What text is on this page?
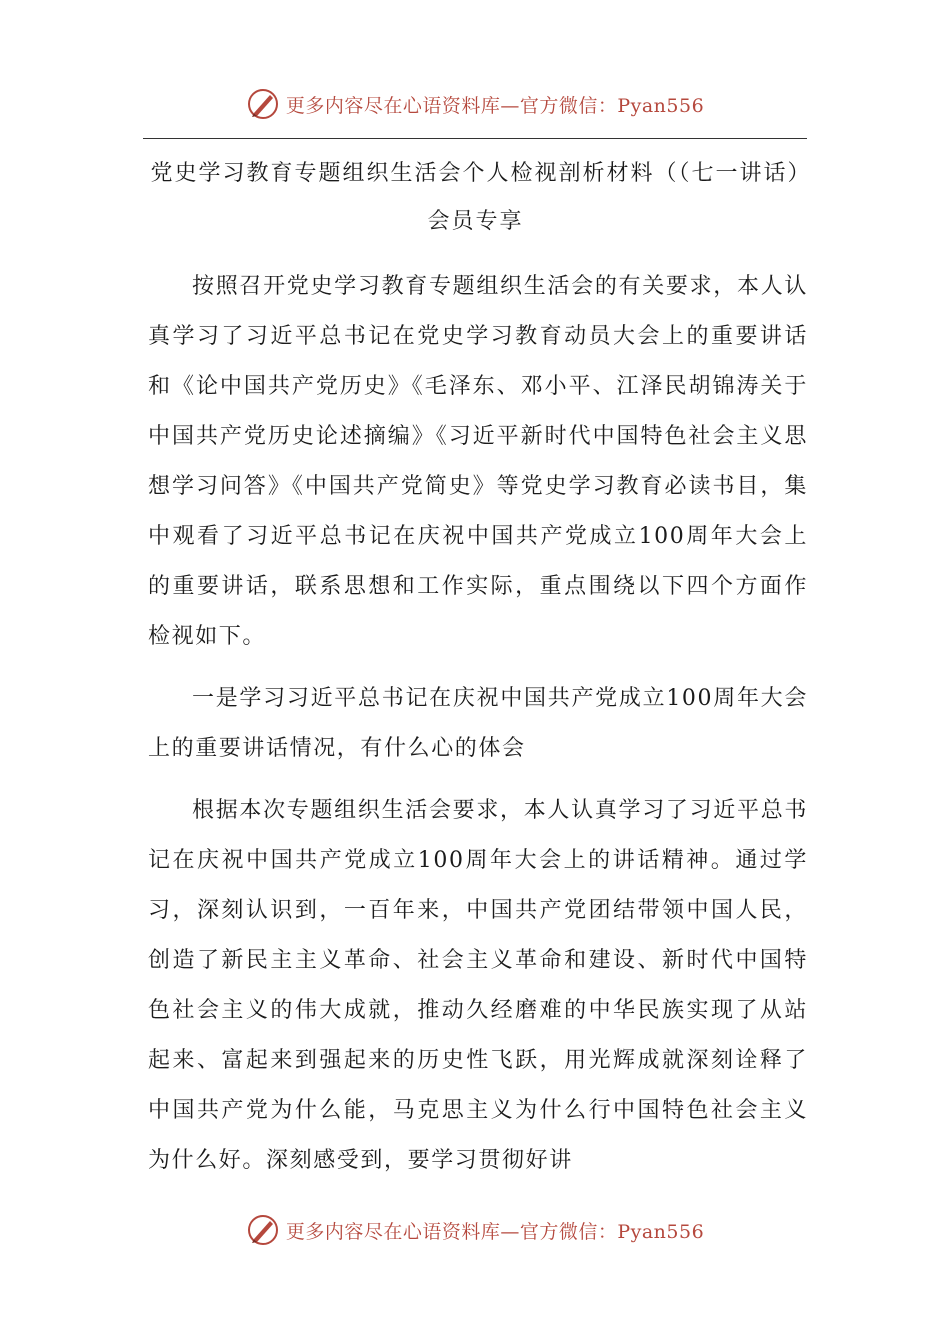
更多内容尽在心语资料库—官方微信：Pyan556
党史学习教育专题组织生活会个人检视剖析材料（（七一讲话）会员专享

按照召开党史学习教育专题组织生活会的有关要求，本人认真学习了习近平总书记在党史学习教育动员大会上的重要讲话和《论中国共产党历史》《毛泽东、邓小平、江泽民胡锦涛关于中国共产党历史论述摘编》《习近平新时代中国特色社会主义思想学习问答》《中国共产党简史》等党史学习教育必读书目，集中观看了习近平总书记在庆祝中国共产党成立100周年大会上的重要讲话，联系思想和工作实际，重点围绕以下四个方面作检视如下。

一是学习习近平总书记在庆祝中国共产党成立100周年大会上的重要讲话情况，有什么心的体会

根据本次专题组织生活会要求，本人认真学习了习近平总书记在庆祝中国共产党成立100周年大会上的讲话精神。通过学习，深刻认识到，一百年来，中国共产党团结带领中国人民，创造了新民主主义革命、社会主义革命和建设、新时代中国特色社会主义的伟大成就，推动久经磨难的中华民族实现了从站起来、富起来到强起来的历史性飞跃，用光辉成就深刻诠释了中国共产党为什么能，马克思主义为什么行中国特色社会主义为什么好。深刻感受到，要学习贯彻好讲

更多内容尽在心语资料库—官方微信：Pyan556
